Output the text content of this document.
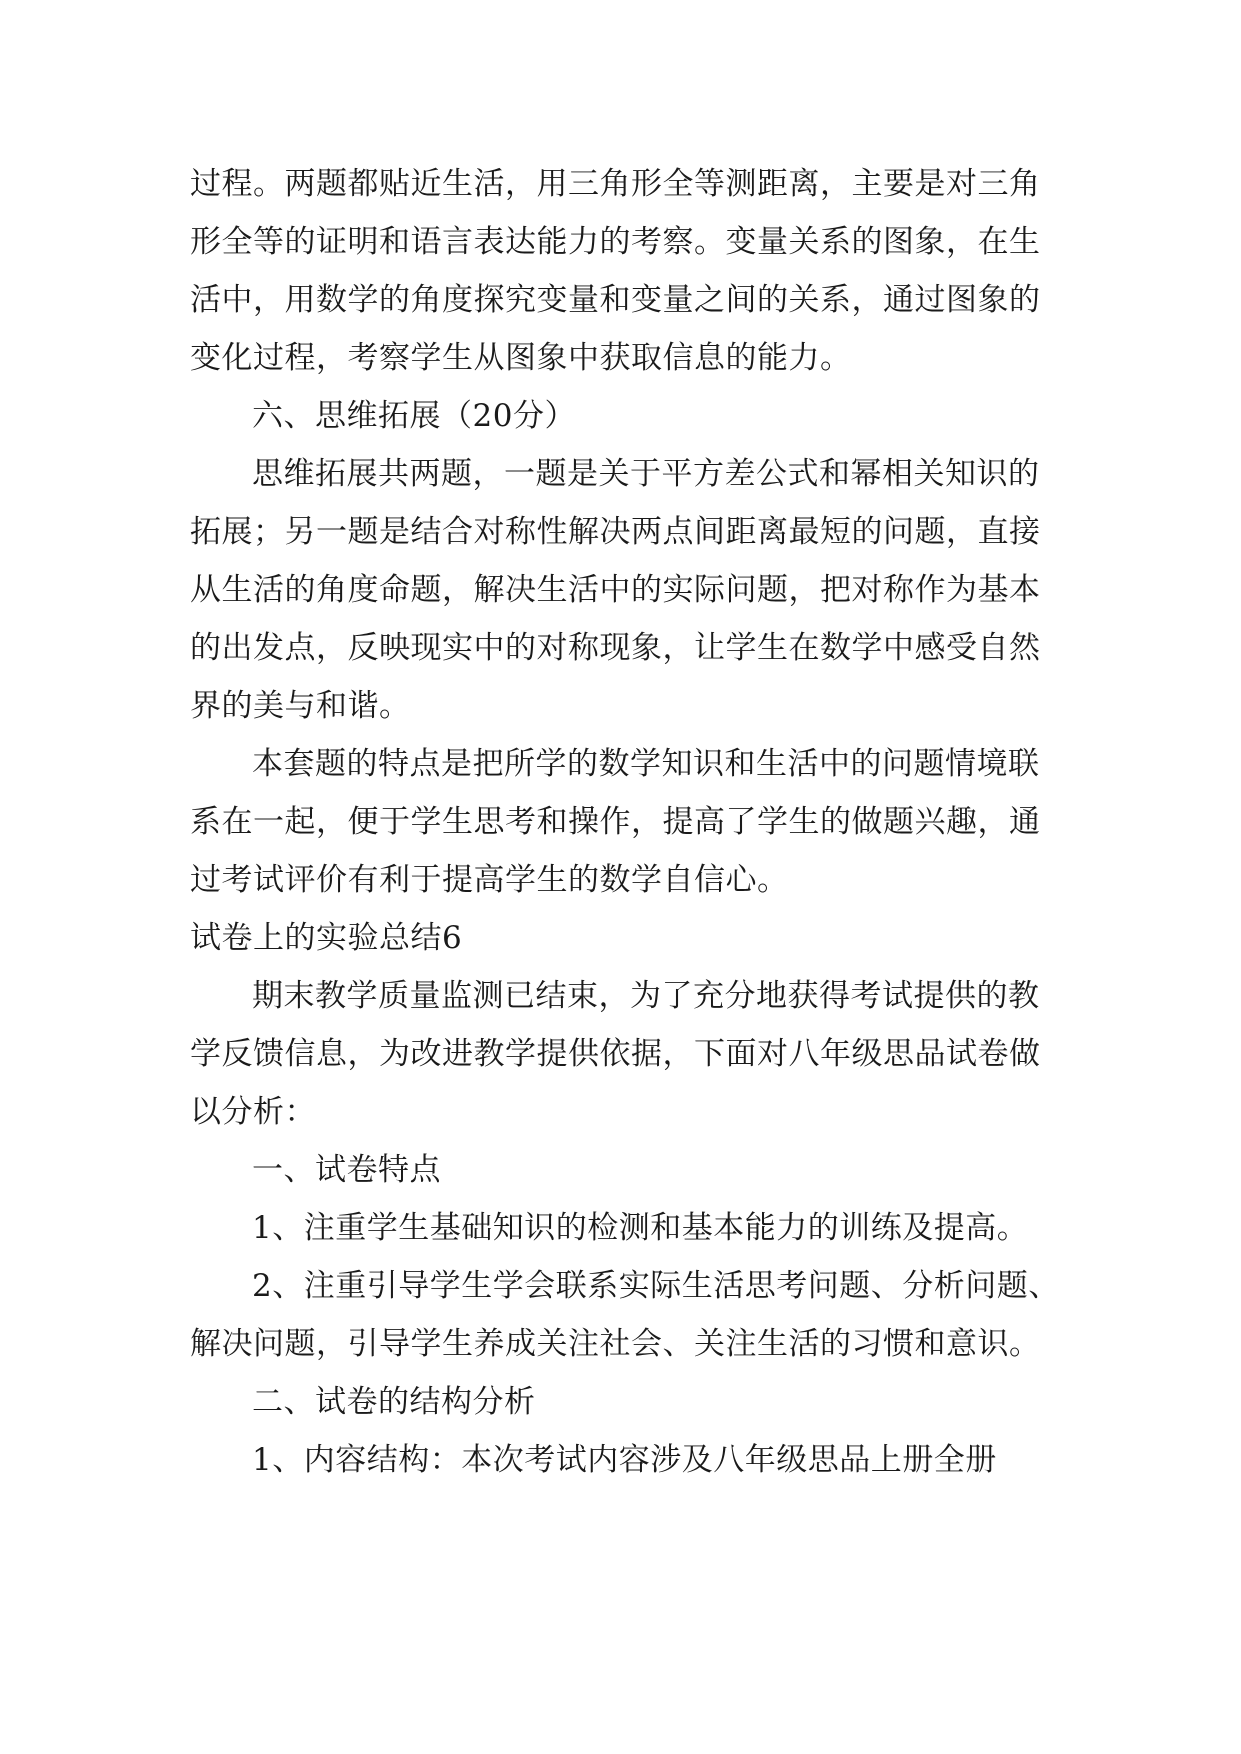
过程。两题都贴近生活，用三角形全等测距离，主要是对三角形全等的证明和语言表达能力的考察。变量关系的图象，在生活中，用数学的角度探究变量和变量之间的关系，通过图象的变化过程，考察学生从图象中获取信息的能力。

六、思维拓展（20分）

思维拓展共两题，一题是关于平方差公式和幂相关知识的拓展；另一题是结合对称性解决两点间距离最短的问题，直接从生活的角度命题，解决生活中的实际问题，把对称作为基本的出发点，反映现实中的对称现象，让学生在数学中感受自然界的美与和谐。

本套题的特点是把所学的数学知识和生活中的问题情境联系在一起，便于学生思考和操作，提高了学生的做题兴趣，通过考试评价有利于提高学生的数学自信心。

试卷上的实验总结6

期末教学质量监测已结束，为了充分地获得考试提供的教学反馈信息，为改进教学提供依据，下面对八年级思品试卷做以分析：

一、试卷特点

1、注重学生基础知识的检测和基本能力的训练及提高。

2、注重引导学生学会联系实际生活思考问题、分析问题、解决问题，引导学生养成关注社会、关注生活的习惯和意识。

二、试卷的结构分析

1、内容结构：本次考试内容涉及八年级思品上册全册
